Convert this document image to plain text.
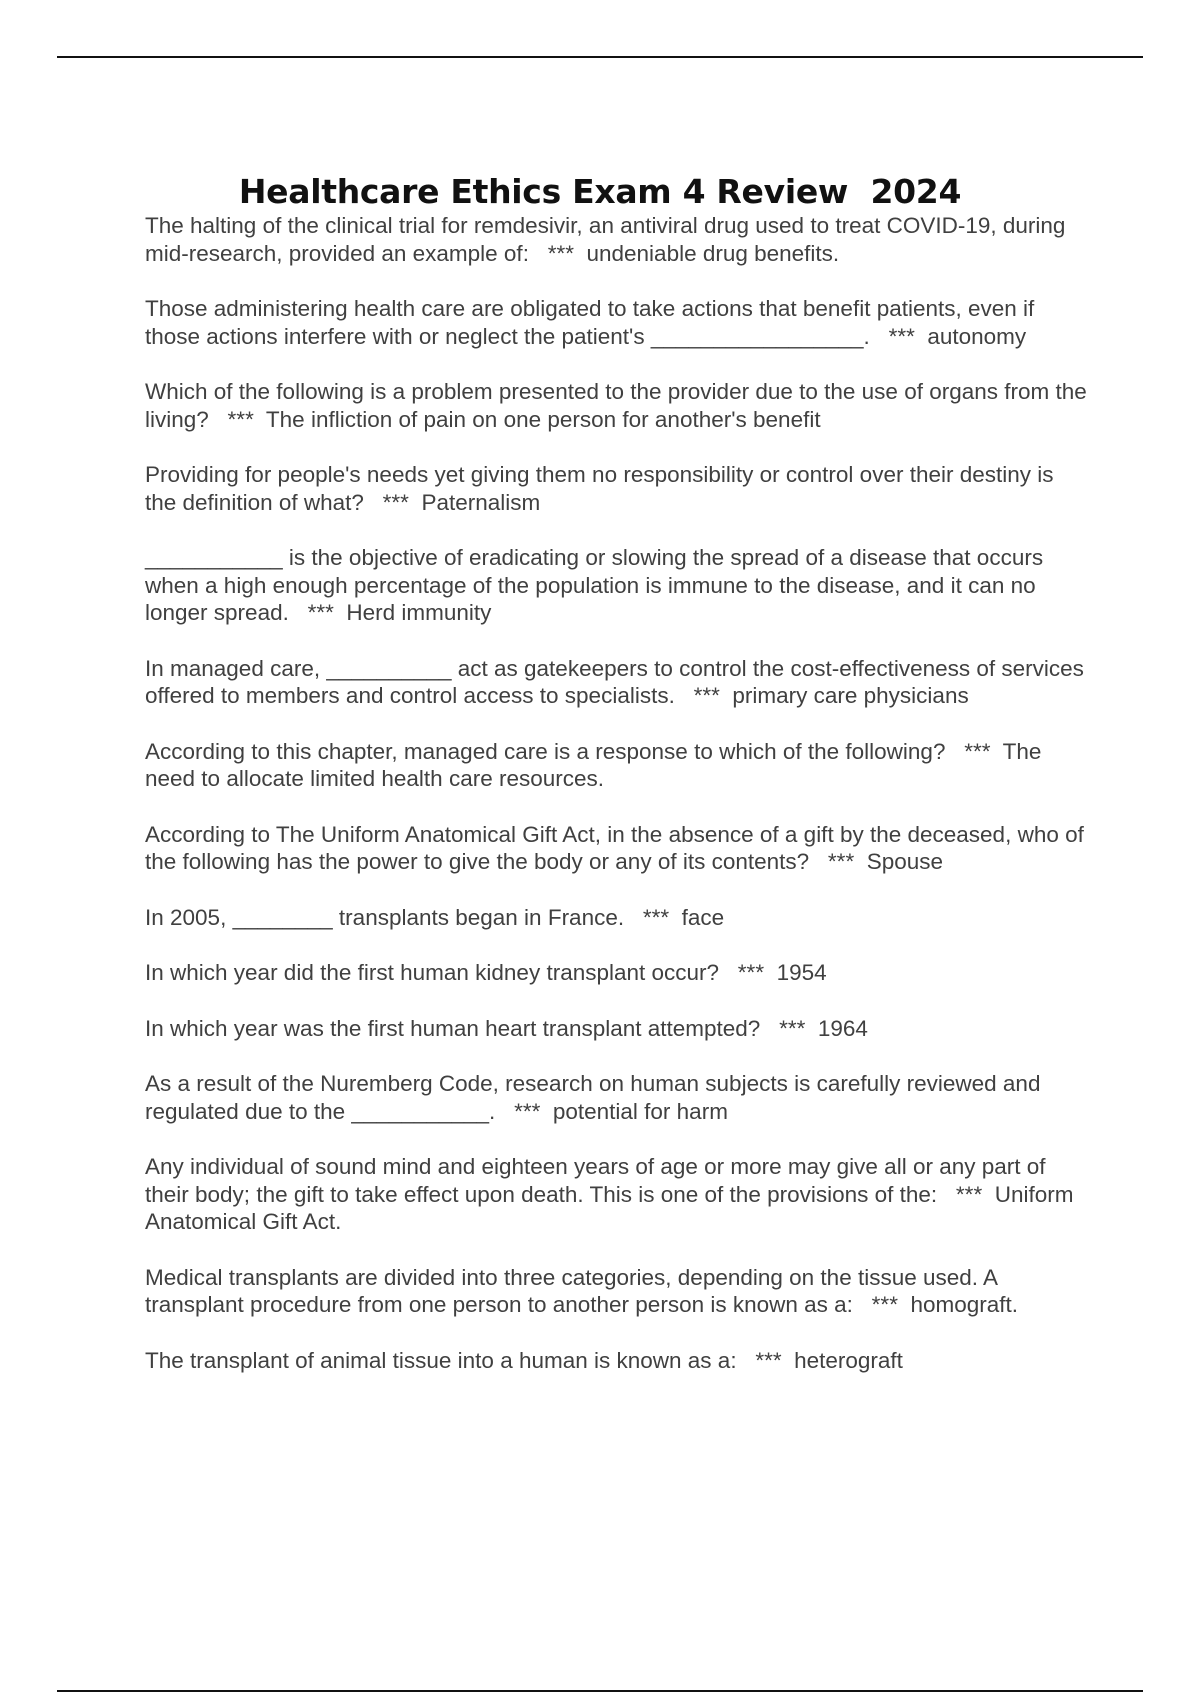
Healthcare Ethics Exam 4 Review  2024

The halting of the clinical trial for remdesivir, an antiviral drug used to treat COVID-19, during mid-research, provided an example of:   ***  undeniable drug benefits.

Those administering health care are obligated to take actions that benefit patients, even if those actions interfere with or neglect the patient's _________________.   ***  autonomy

Which of the following is a problem presented to the provider due to the use of organs from the living?   ***  The infliction of pain on one person for another's benefit

Providing for people's needs yet giving them no responsibility or control over their destiny is the definition of what?   ***  Paternalism

___________ is the objective of eradicating or slowing the spread of a disease that occurs when a high enough percentage of the population is immune to the disease, and it can no longer spread.   ***  Herd immunity

In managed care, __________ act as gatekeepers to control the cost-effectiveness of services offered to members and control access to specialists.   ***  primary care physicians

According to this chapter, managed care is a response to which of the following?   ***  The need to allocate limited health care resources.

According to The Uniform Anatomical Gift Act, in the absence of a gift by the deceased, who of the following has the power to give the body or any of its contents?   ***  Spouse

In 2005, ________ transplants began in France.   ***  face

In which year did the first human kidney transplant occur?   ***  1954

In which year was the first human heart transplant attempted?   ***  1964

As a result of the Nuremberg Code, research on human subjects is carefully reviewed and regulated due to the ___________.   ***  potential for harm

Any individual of sound mind and eighteen years of age or more may give all or any part of their body; the gift to take effect upon death. This is one of the provisions of the:   ***  Uniform Anatomical Gift Act.

Medical transplants are divided into three categories, depending on the tissue used. A transplant procedure from one person to another person is known as a:   ***  homograft.

The transplant of animal tissue into a human is known as a:   ***  heterograft
